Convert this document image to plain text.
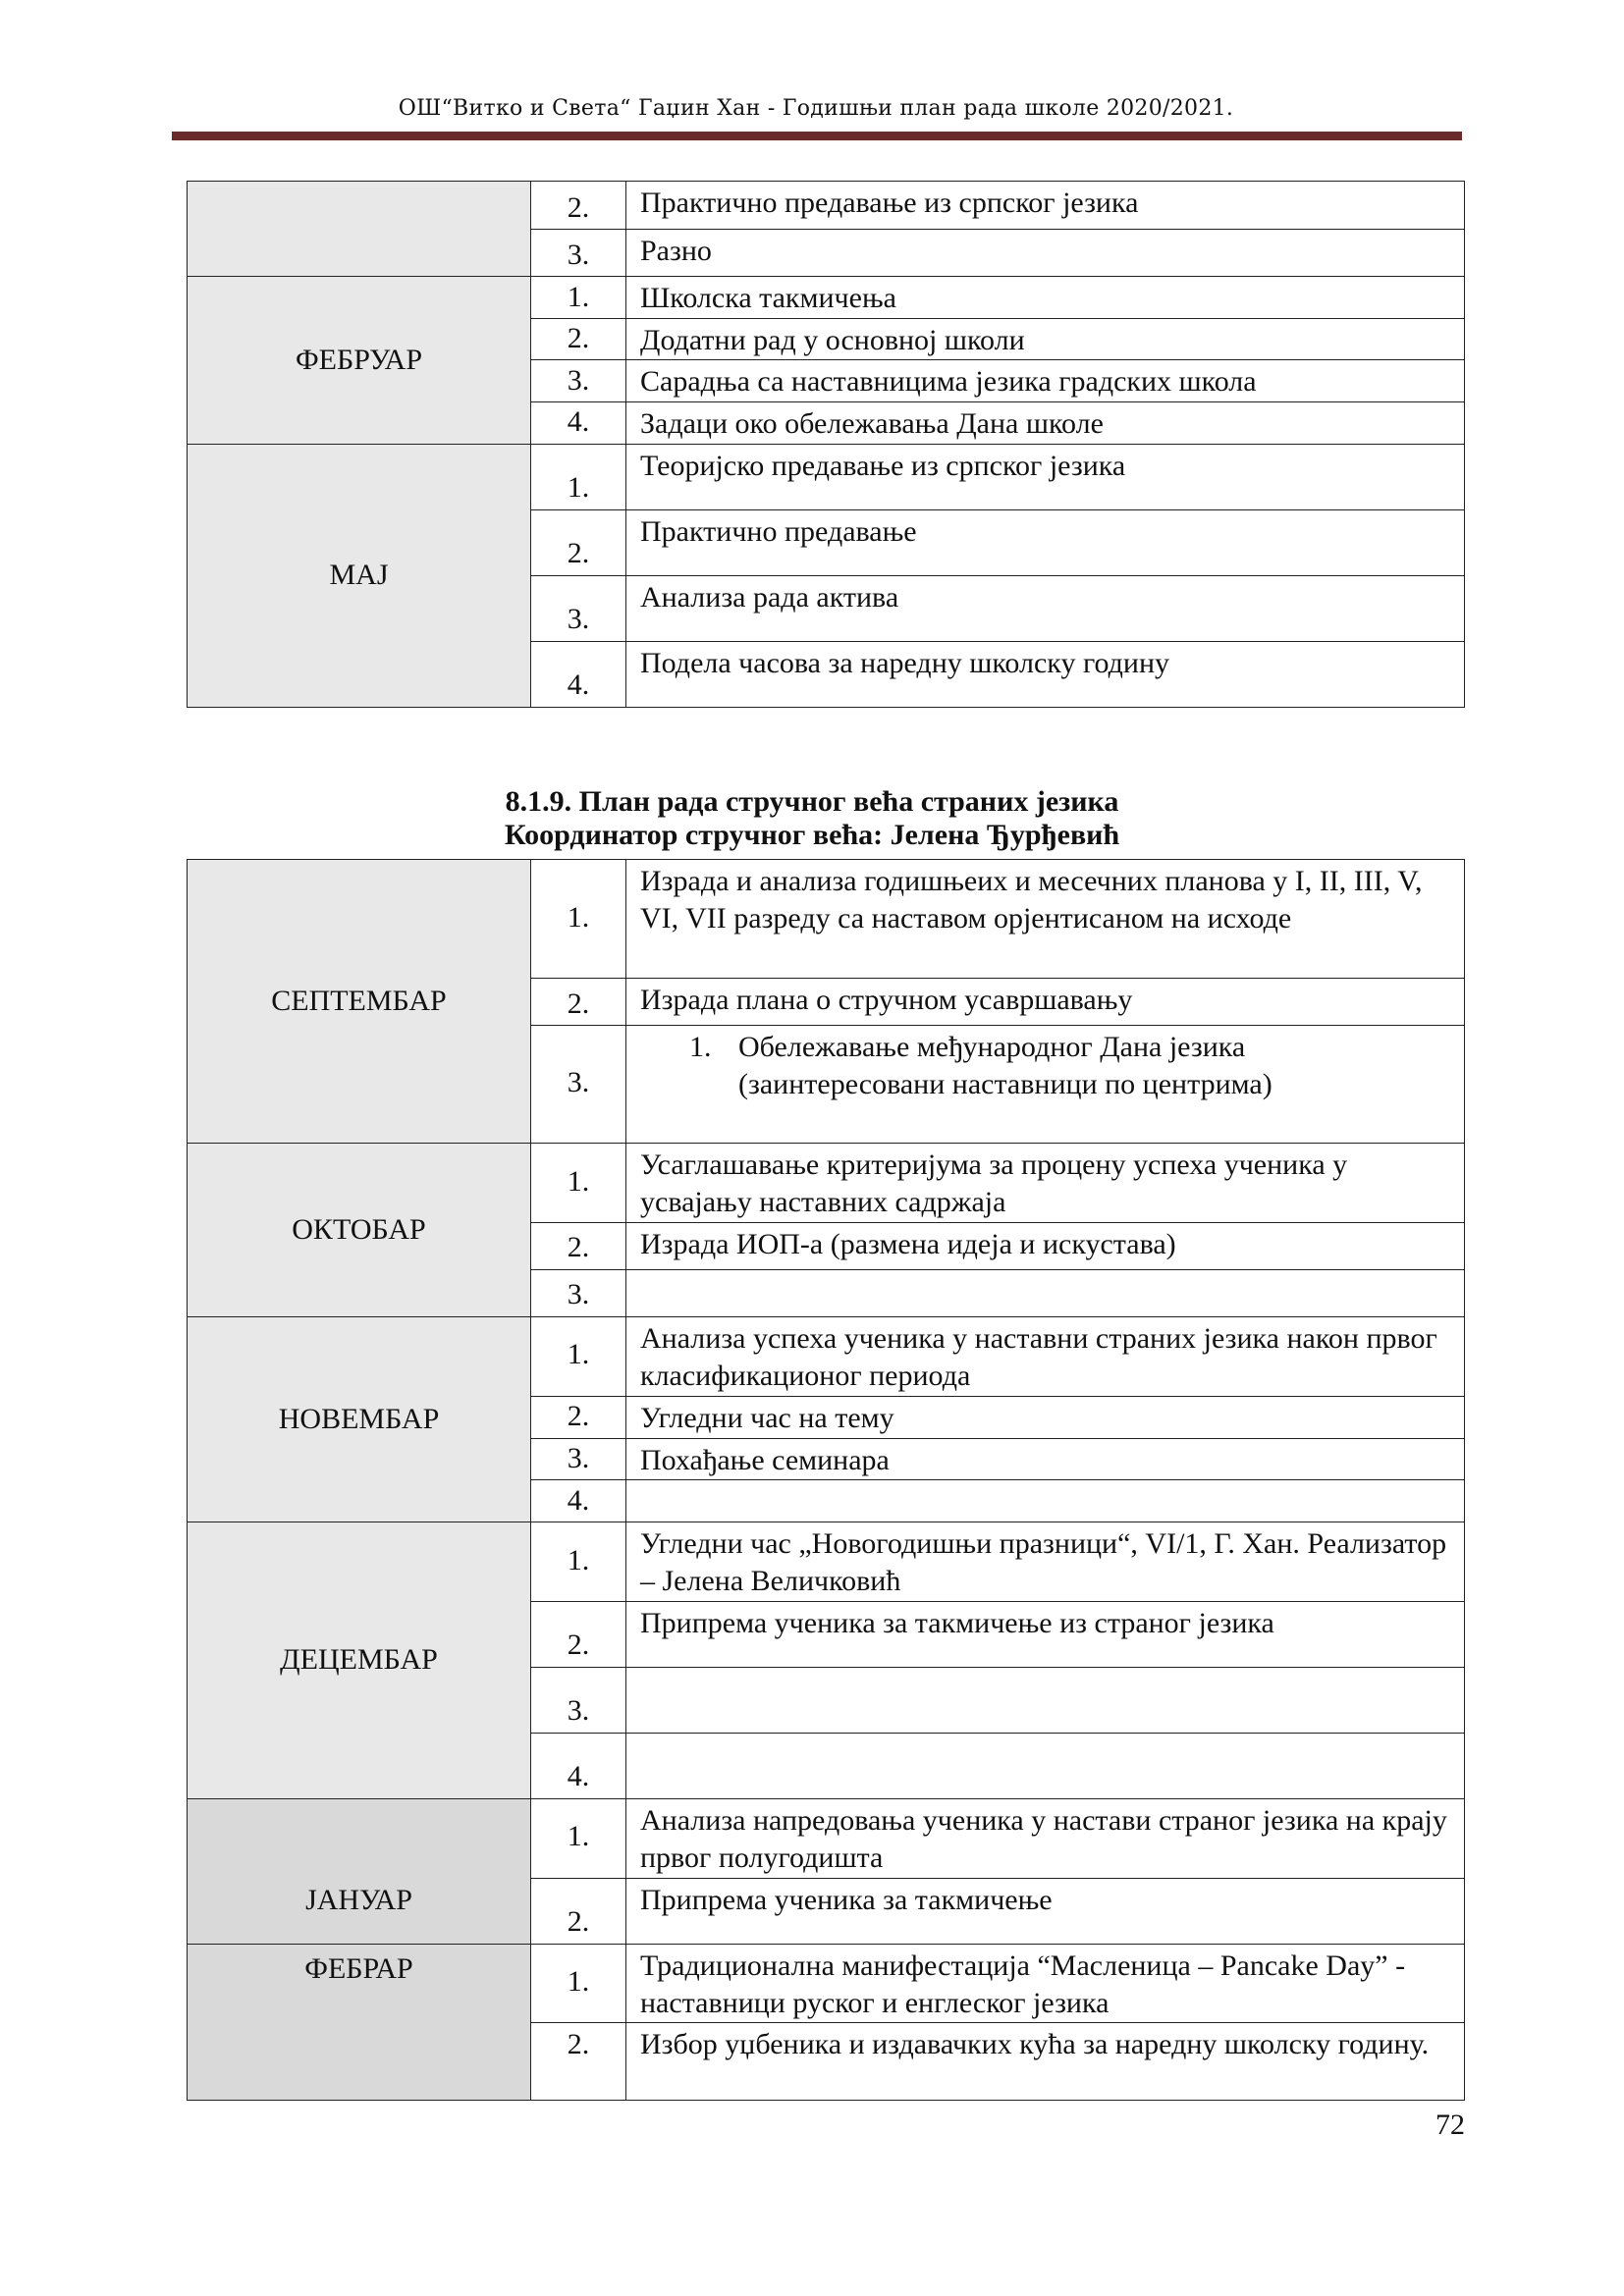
ОШ“Витко и Света“ Гаџин Хан - Годишњи план рада школе 2020/2021.
	2.	Практично предавање из српског језика
	3.	Разно
ФЕБРУАР	1.	Школска такмичења
	2.	Додатни рад у основној школи
	3.	Сарадња са наставницима језика градских школа
	4.	Задаци око обележавања Дана школе
МАЈ	1.	Теоријско предавање из српског језика
	2.	Практично предавање
	3.	Анализа рада актива
	4.	Подела часова за наредну школску годину
8.1.9. План рада стручног већа страних језика
Координатор стручног већа: Јелена Ђурђевић
СЕПТЕМБАР	1.	Израда и анализа годишњеих и месечних планова у I, II, III, V, VI, VII разреду са наставом орјентисаном на исходе
	2.	Израда плана о стручном усавршавању
	3.	1. Обележавање међународног Дана језика (заинтересовани наставници по центрима)

ОКТОБАР	1.	Усаглашавање критеријума за процену успеха ученика у усвајању наставних садржаја
	2.	Израда ИОП-а (размена идеја и искустава)
	3.	
НОВЕМБАР	1.	Анализа успеха ученика у наставни страних језика након првог класификационог периода
	2.	Угледни час на тему
	3.	Похађање семинара
	4.	
ДЕЦЕМБАР	1.	Угледни час „Новогодишњи празници“, VI/1, Г. Хан. Реализатор – Јелена Величковић
	2.	Припрема ученика за такмичење из страног језика
	3.	
	4.	
ЈАНУАР	1.	Анализа напредовања ученика у настави страног језика на крају првог полугодишта
	2.	Припрема ученика за такмичење
ФЕБРАР	1.	Традиционална манифестација “Масленица – Pancake Day” - наставници руског и енглеског језика
	2.	Избор уџбеника и издавачких кућа за наредну школску годину.
72
